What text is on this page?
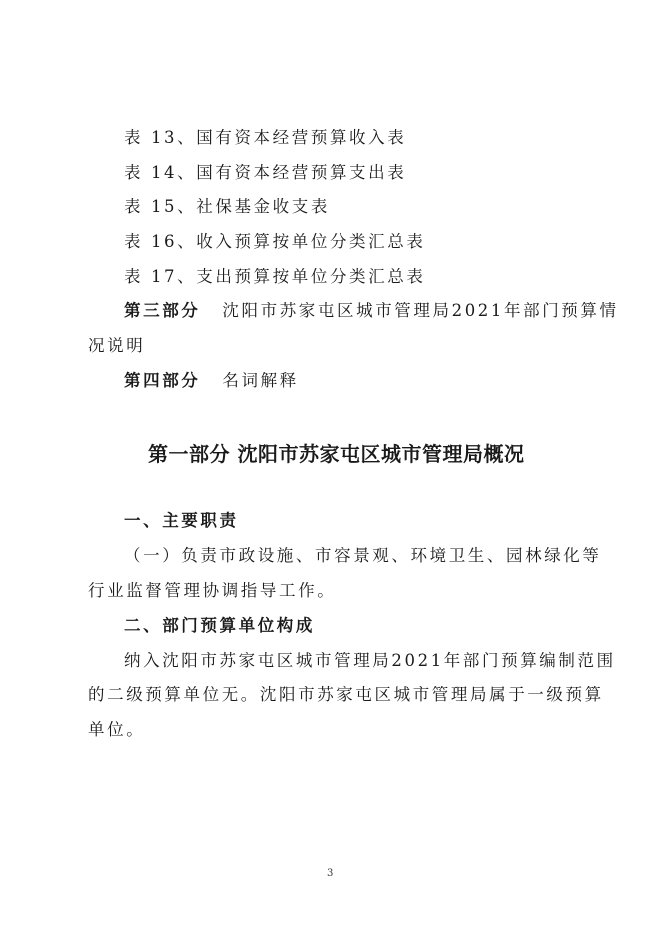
表 13、国有资本经营预算收入表
表 14、国有资本经营预算支出表
表 15、社保基金收支表
表 16、收入预算按单位分类汇总表
表 17、支出预算按单位分类汇总表
第三部分 沈阳市苏家屯区城市管理局2021年部门预算情
况说明
第四部分 名词解释
第一部分 沈阳市苏家屯区城市管理局概况
一、主要职责
（一）负责市政设施、市容景观、环境卫生、园林绿化等
行业监督管理协调指导工作。
二、部门预算单位构成
纳入沈阳市苏家屯区城市管理局2021年部门预算编制范围
的二级预算单位无。沈阳市苏家屯区城市管理局属于一级预算
单位。
3
